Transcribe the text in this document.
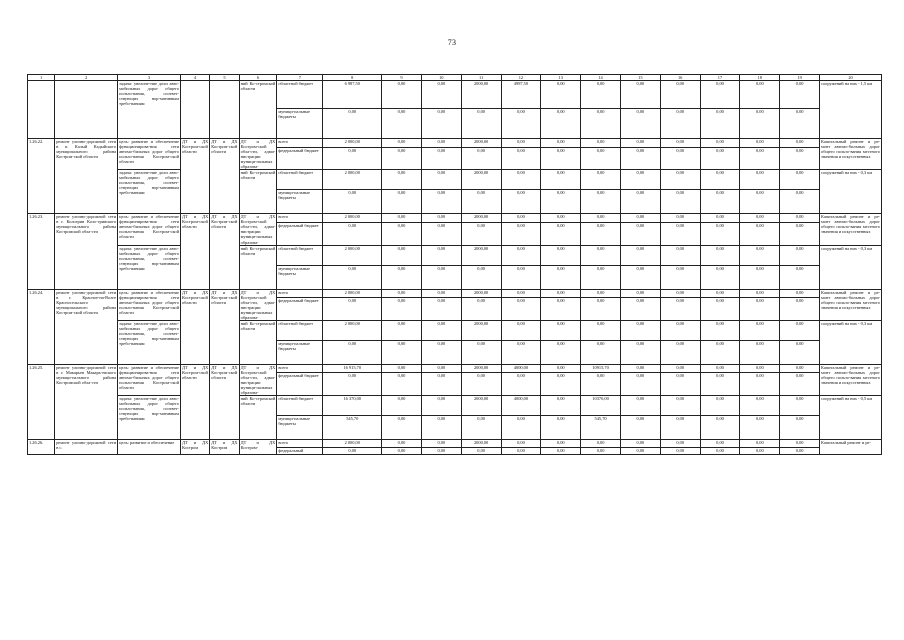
73
1	2	3	4	5	6	7	8	9	10	11	12	13	14	15	16	17	18	19	20
		задача: увеличе-ние доли авто-мобильных дорог общего пользо-вания, соответ-ствующих нор-мативным требо-ваниям			ний Ко-стромской области	областной бюджет	6 987,50	0,00	0,00	2000,00	4987,50	0,00	0,00	0,00	0,00	0,00	0,00	0,00	сооружений на них - 1,5 км
						муници-пальные бюджеты	0,00	0,00	0,00	0,00	0,00	0,00	0,00	0,00	0,00	0,00	0,00	0,00	
1.26.22.	ремонт улично-дорожной сети в п. Калый Кадыйского муниципального района Костром-ской области	цель: развитие и обеспечение функционирова-ния сети автомо-бильных дорог общего пользо-вания Костром-ской области	ДТ и ДХ Костром-ской области	ДТ и ДХ Костром-ской области	ДТ и ДХ Костром-ской обла-сти, адми-нистрации муници-пальных образова-	всего	2 000,00	0,00	0,00	2000,00	0,00	0,00	0,00	0,00	0,00	0,00	0,00	0,00	Капитальный ремонт и ре-монт автомо-бильных дорог общего пользо-вания местного значения и искусственных
						федеральный бюджет	0,00	0,00	0,00	0,00	0,00	0,00	0,00	0,00	0,00	0,00	0,00	0,00	
		задача: увеличе-ние доли авто-мобильных дорог общего пользо-вания, соответ-ствующих нор-мативным требо-ваниям			ний Ко-стромской области	областной бюджет	2 000,00	0,00	0,00	2000,00	0,00	0,00	0,00	0,00	0,00	0,00	0,00	0,00	сооружений на них - 0,3 км
						муници-пальные бюджеты	0,00	0,00	0,00	0,00	0,00	0,00	0,00	0,00	0,00	0,00	0,00	0,00	
1.26.23.	ремонт улично-дорожной сети в г. Кологрив Коло-гривского муници-пального района Костромской обла-сти	цель: развитие и обеспечение функционирова-ния сети автомо-бильных дорог общего пользо-вания Костром-ской области	ДТ и ДХ Костром-ской области	ДТ и ДХ Костром-ской области	ДТ и ДХ Костром-ской обла-сти, адми-нистрации муници-пальных образова-	всего	2 000,00	0,00	0,00	2000,00	0,00	0,00	0,00	0,00	0,00	0,00	0,00	0,00	Капитальный ремонт и ре-монт автомо-бильных дорог общего пользо-вания местного значения и искусственных
						федеральный бюджет	0,00	0,00	0,00	0,00	0,00	0,00	0,00	0,00	0,00	0,00	0,00	0,00	
		задача: увеличе-ние доли авто-мобильных дорог общего пользо-вания, соответ-ствующих нор-мативным требо-ваниям			ний Ко-стромской области	областной бюджет	2 000,00	0,00	0,00	2000,00	0,00	0,00	0,00	0,00	0,00	0,00	0,00	0,00	сооружений на них - 0,3 км
						муници-пальные бюджеты	0,00	0,00	0,00	0,00	0,00	0,00	0,00	0,00	0,00	0,00	0,00	0,00	
1.26.24.	ремонт улично-дорожной сети в г. Красное-на-Волге Красносельского муниципального района Костром-ской области	цель: развитие и обеспечение функционирова-ния сети автомо-бильных дорог общего пользо-вания Костром-ской области	ДТ и ДХ Костром-ской области	ДТ и ДХ Костром-ской области	ДТ и ДХ Костром-ской обла-сти, адми-нистрации муници-пальных образова-	всего	2 000,00	0,00	0,00	2000,00	0,00	0,00	0,00	0,00	0,00	0,00	0,00	0,00	Капитальный ремонт и ре-монт автомо-бильных дорог общего пользо-вания местного значения и искусственных
						федеральный бюджет	0,00	0,00	0,00	0,00	0,00	0,00	0,00	0,00	0,00	0,00	0,00	0,00	
		задача: увеличе-ние доли авто-мобильных дорог общего пользо-вания, соответ-ствующих нор-мативным требо-ваниям			ний Ко-стромской области	областной бюджет	2 000,00	0,00	0,00	2000,00	0,00	0,00	0,00	0,00	0,00	0,00	0,00	0,00	сооружений на них - 0,3 км
						муници-пальные бюджеты	0,00	0,00	0,00	0,00	0,00	0,00	0,00	0,00	0,00	0,00	0,00	0,00	
1.26.25.	ремонт улично-дорожной сети в г. Макарьев Макарь-евского муници-пального района Костромской обла-сти	цель: развитие и обеспечение функционирова-ния сети автомо-бильных дорог общего пользо-вания Костром-ской области	ДТ и ДХ Костром-ской области	ДТ и ДХ Костром-ской области	ДТ и ДХ Костром-ской обла-сти, адми-нистрации муници-пальных образова-	всего	16 915,70	0,00	0,00	2000,00	4000,00	0,00	10915,70	0,00	0,00	0,00	0,00	0,00	Капитальный ремонт и ре-монт автомо-бильных дорог общего пользо-вания местного значения и искусственных
						федеральный бюджет	0,00	0,00	0,00	0,00	0,00	0,00	0,00	0,00	0,00	0,00	0,00	0,00	
		задача: увеличе-ние доли авто-мобильных дорог общего пользо-вания, соответ-ствующих нор-мативным требо-ваниям			ний Ко-стромской области	областной бюджет	16 370,00	0,00	0,00	2000,00	4000,00	0,00	10370,00	0,00	0,00	0,00	0,00	0,00	сооружений на них - 0,5 км
						муници-пальные бюджеты	545,70	0,00	0,00	0,00	0,00	0,00	545,70	0,00	0,00	0,00	0,00	0,00	
1.26.26.	ремонт улично-дорожной сети в с.	цель: развитие и обеспечение	ДТ и ДХ Костром	ДТ и ДХ Костром	ДТ и ДХ Костром-	всего	2 000,00	0,00	0,00	2000,00	0,00	0,00	0,00	0,00	0,00	0,00	0,00	0,00	Капитальный ремонт и ре-
						федеральный	0,00	0,00	0,00	0,00	0,00	0,00	0,00	0,00	0,00	0,00	0,00	0,00	
